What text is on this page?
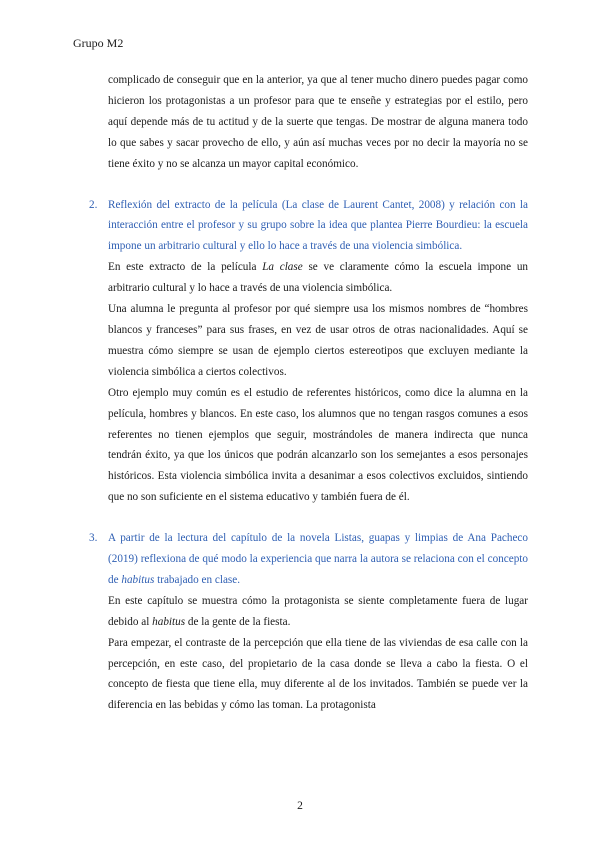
Grupo M2

complicado de conseguir que en la anterior, ya que al tener mucho dinero puedes pagar como hicieron los protagonistas a un profesor para que te enseñe y estrategias por el estilo, pero aquí depende más de tu actitud y de la suerte que tengas. De mostrar de alguna manera todo lo que sabes y sacar provecho de ello, y aún así muchas veces por no decir la mayoría no se tiene éxito y no se alcanza un mayor capital económico.

2. Reflexión del extracto de la película (La clase de Laurent Cantet, 2008) y relación con la interacción entre el profesor y su grupo sobre la idea que plantea Pierre Bourdieu: la escuela impone un arbitrario cultural y ello lo hace a través de una violencia simbólica.

En este extracto de la película La clase se ve claramente cómo la escuela impone un arbitrario cultural y lo hace a través de una violencia simbólica.

Una alumna le pregunta al profesor por qué siempre usa los mismos nombres de “hombres blancos y franceses” para sus frases, en vez de usar otros de otras nacionalidades. Aquí se muestra cómo siempre se usan de ejemplo ciertos estereotipos que excluyen mediante la violencia simbólica a ciertos colectivos.

Otro ejemplo muy común es el estudio de referentes históricos, como dice la alumna en la película, hombres y blancos. En este caso, los alumnos que no tengan rasgos comunes a esos referentes no tienen ejemplos que seguir, mostrándoles de manera indirecta que nunca tendrán éxito, ya que los únicos que podrán alcanzarlo son los semejantes a esos personajes históricos. Esta violencia simbólica invita a desanimar a esos colectivos excluidos, sintiendo que no son suficiente en el sistema educativo y también fuera de él.

3. A partir de la lectura del capítulo de la novela Listas, guapas y limpias de Ana Pacheco (2019) reflexiona de qué modo la experiencia que narra la autora se relaciona con el concepto de habitus trabajado en clase.

En este capítulo se muestra cómo la protagonista se siente completamente fuera de lugar debido al habitus de la gente de la fiesta.

Para empezar, el contraste de la percepción que ella tiene de las viviendas de esa calle con la percepción, en este caso, del propietario de la casa donde se lleva a cabo la fiesta. O el concepto de fiesta que tiene ella, muy diferente al de los invitados. También se puede ver la diferencia en las bebidas y cómo las toman. La protagonista

2
